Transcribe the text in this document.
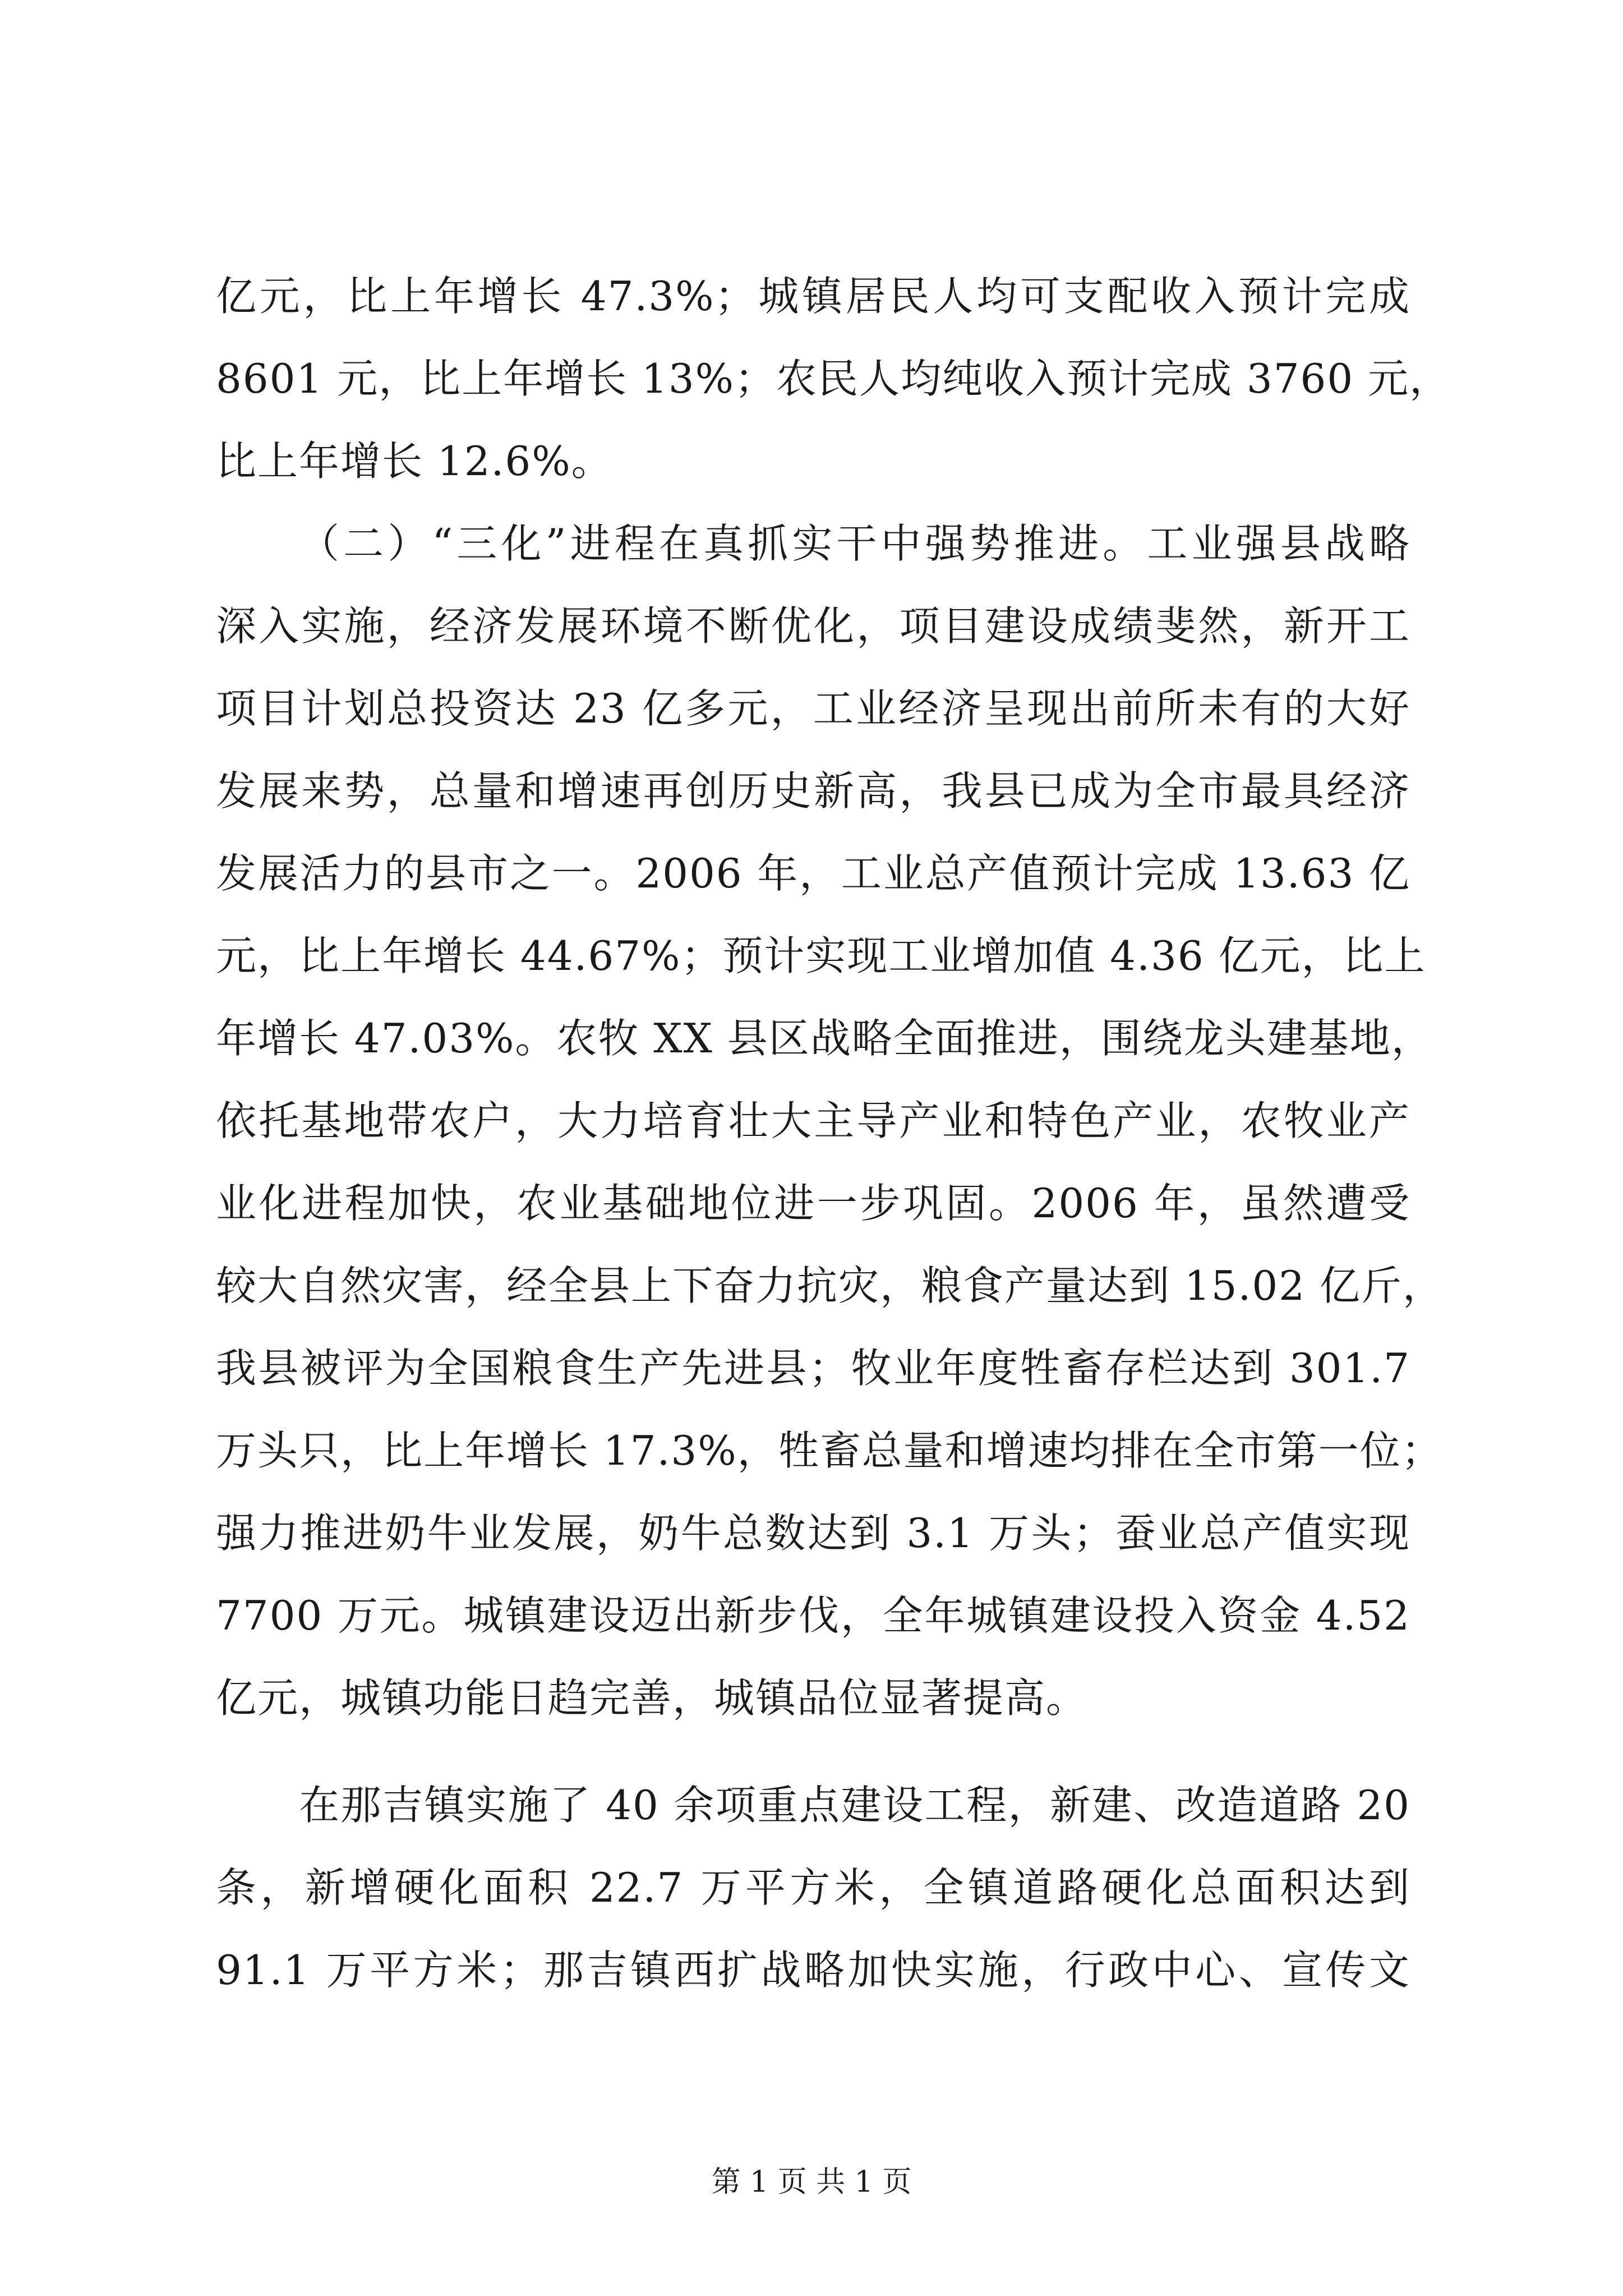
亿元，比上年增长 47.3%；城镇居民人均可支配收入预计完成
8601 元，比上年增长 13%；农民人均纯收入预计完成 3760 元，
比上年增长 12.6%。
（二）“三化”进程在真抓实干中强势推进。工业强县战略
深入实施，经济发展环境不断优化，项目建设成绩斐然，新开工
项目计划总投资达 23 亿多元，工业经济呈现出前所未有的大好
发展来势，总量和增速再创历史新高，我县已成为全市最具经济
发展活力的县市之一。2006 年，工业总产值预计完成 13.63 亿
元，比上年增长 44.67%；预计实现工业增加值 4.36 亿元，比上
年增长 47.03%。农牧 XX 县区战略全面推进，围绕龙头建基地，
依托基地带农户，大力培育壮大主导产业和特色产业，农牧业产
业化进程加快，农业基础地位进一步巩固。2006 年，虽然遭受
较大自然灾害，经全县上下奋力抗灾，粮食产量达到 15.02 亿斤，
我县被评为全国粮食生产先进县；牧业年度牲畜存栏达到 301.7
万头只，比上年增长 17.3%，牲畜总量和增速均排在全市第一位；
强力推进奶牛业发展，奶牛总数达到 3.1 万头；蚕业总产值实现
7700 万元。城镇建设迈出新步伐，全年城镇建设投入资金 4.52
亿元，城镇功能日趋完善，城镇品位显著提高。
在那吉镇实施了 40 余项重点建设工程，新建、改造道路 20
条，新增硬化面积 22.7 万平方米，全镇道路硬化总面积达到
91.1 万平方米；那吉镇西扩战略加快实施，行政中心、宣传文
第 1 页 共 1 页
